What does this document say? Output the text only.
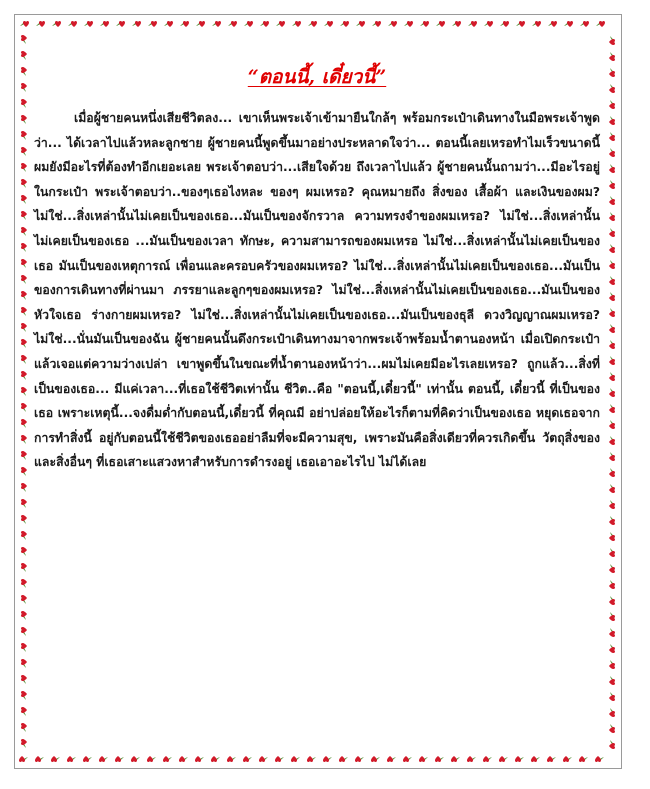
“ตอนนี้, เดี๋ยวนี้”

เมื่อผู้ชายคนหนึ่งเสียชีวิตลง... เขาเห็นพระเจ้าเข้ามายืนใกล้ๆ พร้อมกระเป๋าเดินทางในมือพระเจ้าพูดว่า... ได้เวลาไปแล้วหละลูกชาย ผู้ชายคนนี้พูดขึ้นมาอย่างประหลาดใจว่า... ตอนนี้เลยเหรอทำไมเร็วขนาดนี้ ผมยังมีอะไรที่ต้องทำอีกเยอะเลย พระเจ้าตอบว่า...เสียใจด้วย ถึงเวลาไปแล้ว ผู้ชายคนนั้นถามว่า...มีอะไรอยู่ในกระเป๋า พระเจ้าตอบว่า..ของๆเธอไงหละ ของๆ ผมเหรอ? คุณหมายถึง สิ่งของ เสื้อผ้า และเงินของผม? ไม่ใช่...สิ่งเหล่านั้นไม่เคยเป็นของเธอ...มันเป็นของจักรวาล ความทรงจำของผมเหรอ? ไม่ใช่...สิ่งเหล่านั้นไม่เคยเป็นของเธอ ...มันเป็นของเวลา ทักษะ, ความสามารถของผมเหรอ ไม่ใช่...สิ่งเหล่านั้นไม่เคยเป็นของเธอ มันเป็นของเหตุการณ์ เพื่อนและครอบครัวของผมเหรอ? ไม่ใช่...สิ่งเหล่านั้นไม่เคยเป็นของเธอ...มันเป็นของการเดินทางที่ผ่านมา ภรรยาและลูกๆของผมเหรอ? ไม่ใช่...สิ่งเหล่านั้นไม่เคยเป็นของเธอ...มันเป็นของหัวใจเธอ ร่างกายผมเหรอ? ไม่ใช่...สิ่งเหล่านั้นไม่เคยเป็นของเธอ...มันเป็นของธุลี ดวงวิญญาณผมเหรอ? ไม่ใช่...นั่นมันเป็นของฉัน ผู้ชายคนนั้นดึงกระเป๋าเดินทางมาจากพระเจ้าพร้อมน้ำตานองหน้า เมื่อเปิดกระเป๋าแล้วเจอแต่ความว่างเปล่า เขาพูดขึ้นในขณะที่น้ำตานองหน้าว่า...ผมไม่เคยมีอะไรเลยเหรอ? ถูกแล้ว...สิ่งที่เป็นของเธอ... มีแค่เวลา...ที่เธอใช้ชีวิตเท่านั้น ชีวิต..คือ "ตอนนี้,เดี๋ยวนี้" เท่านั้น ตอนนี้, เดี๋ยวนี้ ที่เป็นของเธอ เพราะเหตุนี้...จงดื่มด่ำกับตอนนี้,เดี๋ยวนี้ ที่คุณมี อย่าปล่อยให้อะไรก็ตามที่คิดว่าเป็นของเธอ หยุดเธอจากการทำสิ่งนี้ อยู่กับตอนนี้ใช้ชีวิตของเธออย่าลืมที่จะมีความสุข, เพราะมันคือสิ่งเดียวที่ควรเกิดขึ้น วัตถุสิ่งของและสิ่งอื่นๆ ที่เธอเสาะแสวงหาสำหรับการดำรงอยู่ เธอเอาอะไรไป ไม่ได้เลย
